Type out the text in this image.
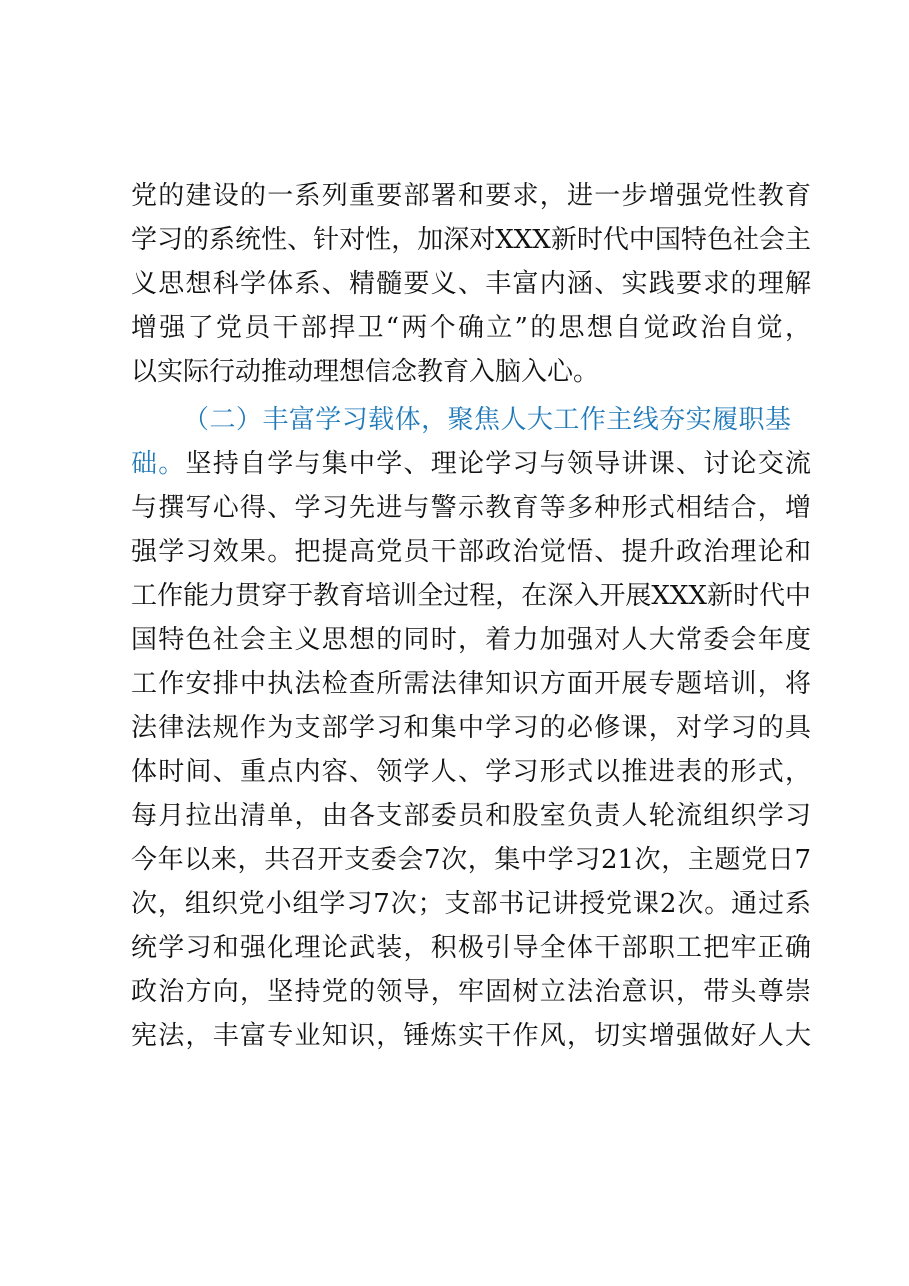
党的建设的一系列重要部署和要求，进一步增强党性教育
学习的系统性、针对性，加深对XXX新时代中国特色社会主
义思想科学体系、精髓要义、丰富内涵、实践要求的理解
增强了党员干部捍卫“两个确立”的思想自觉政治自觉，
以实际行动推动理想信念教育入脑入心。
（二）丰富学习载体，聚焦人大工作主线夯实履职基
础。坚持自学与集中学、理论学习与领导讲课、讨论交流
与撰写心得、学习先进与警示教育等多种形式相结合，增
强学习效果。把提高党员干部政治觉悟、提升政治理论和
工作能力贯穿于教育培训全过程，在深入开展XXX新时代中
国特色社会主义思想的同时，着力加强对人大常委会年度
工作安排中执法检查所需法律知识方面开展专题培训，将
法律法规作为支部学习和集中学习的必修课，对学习的具
体时间、重点内容、领学人、学习形式以推进表的形式，
每月拉出清单，由各支部委员和股室负责人轮流组织学习
今年以来，共召开支委会7次，集中学习21次，主题党日7
次，组织党小组学习7次；支部书记讲授党课2次。通过系
统学习和强化理论武装，积极引导全体干部职工把牢正确
政治方向，坚持党的领导，牢固树立法治意识，带头尊崇
宪法，丰富专业知识，锤炼实干作风，切实增强做好人大
